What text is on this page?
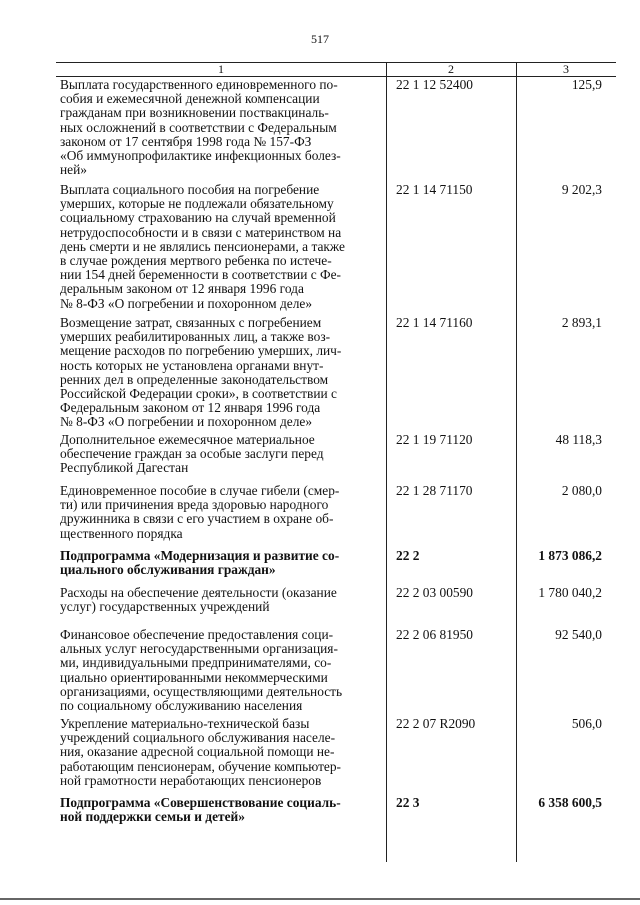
517
1	2	3
Выплата государственного единовременного по-
собия и ежемесячной денежной компенсации
гражданам при возникновении поствакциналь-
ных осложнений в соответствии с Федеральным
законом от 17 сентября 1998 года № 157-ФЗ
«Об иммунопрофилактике инфекционных болез-
ней»
22 1 12 52400	125,9
Выплата социального пособия на погребение
умерших, которые не подлежали обязательному
социальному страхованию на случай временной
нетрудоспособности и в связи с материнством на
день смерти и не являлись пенсионерами, а также
в случае рождения мертвого ребенка по истече-
нии 154 дней беременности в соответствии с Фе-
деральным законом от 12 января 1996 года
№ 8-ФЗ «О погребении и похоронном деле»
22 1 14 71150	9 202,3
Возмещение затрат, связанных с погребением
умерших реабилитированных лиц, а также воз-
мещение расходов по погребению умерших, лич-
ность которых не установлена органами внут-
ренних дел в определенные законодательством
Российской Федерации сроки», в соответствии с
Федеральным законом от 12 января 1996 года
№ 8-ФЗ «О погребении и похоронном деле»
22 1 14 71160	2 893,1
Дополнительное ежемесячное материальное
обеспечение граждан за особые заслуги перед
Республикой Дагестан
22 1 19 71120	48 118,3
Единовременное пособие в случае гибели (смер-
ти) или причинения вреда здоровью народного
дружинника в связи с его участием в охране об-
щественного порядка
22 1 28 71170	2 080,0
Подпрограмма «Модернизация и развитие со-
циального обслуживания граждан»
22 2	1 873 086,2
Расходы на обеспечение деятельности (оказание
услуг) государственных учреждений
22 2 03 00590	1 780 040,2
Финансовое обеспечение предоставления соци-
альных услуг негосударственными организация-
ми, индивидуальными предпринимателями, со-
циально ориентированными некоммерческими
организациями, осуществляющими деятельность
по социальному обслуживанию населения
22 2 06 81950	92 540,0
Укрепление материально-технической базы
учреждений социального обслуживания населе-
ния, оказание адресной социальной помощи не-
работающим пенсионерам, обучение компьютер-
ной грамотности неработающих пенсионеров
22 2 07 R2090	506,0
Подпрограмма «Совершенствование социаль-
ной поддержки семьи и детей»
22 3	6 358 600,5
